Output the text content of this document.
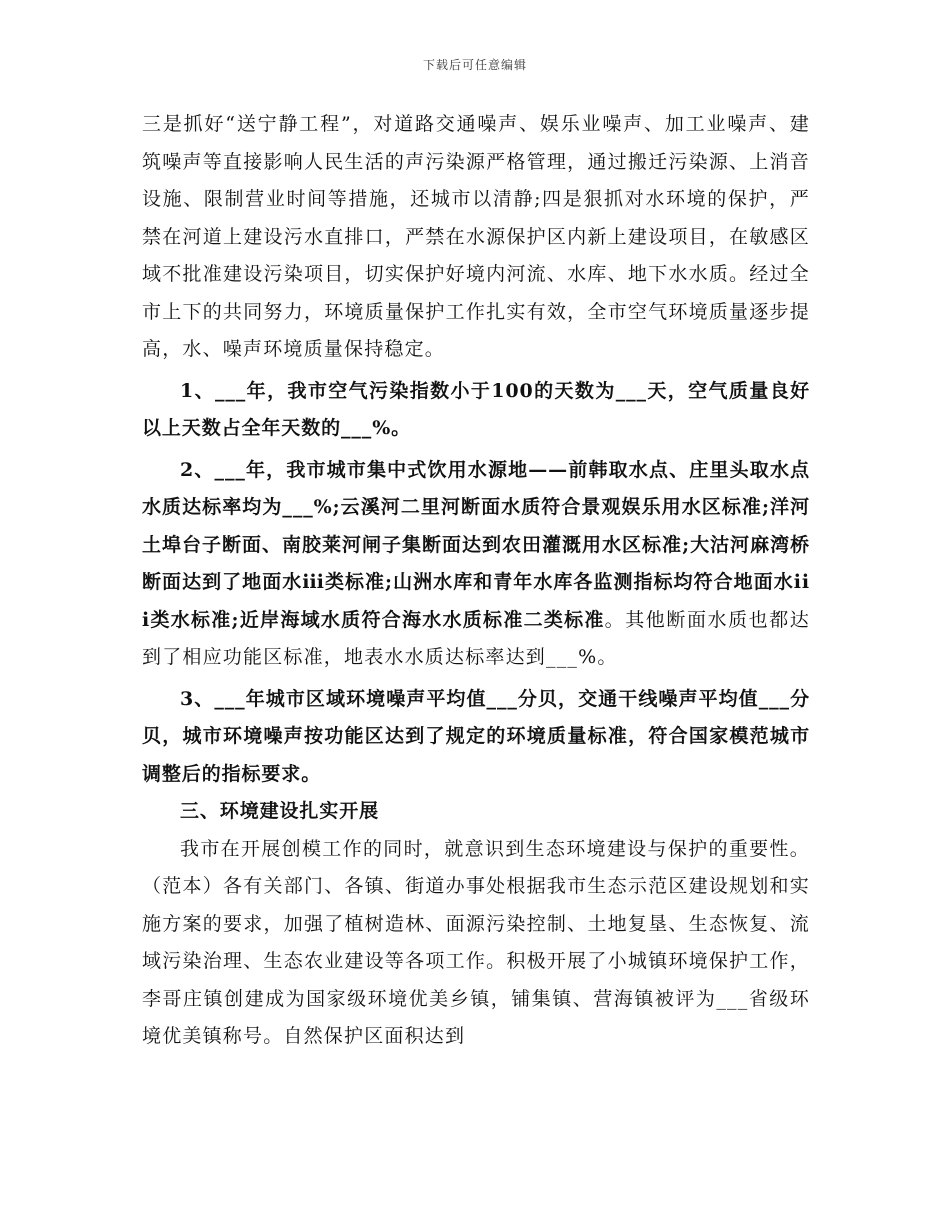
下载后可任意编辑

三是抓好“送宁静工程”，对道路交通噪声、娱乐业噪声、加工业噪声、建筑噪声等直接影响人民生活的声污染源严格管理，通过搬迁污染源、上消音设施、限制营业时间等措施，还城市以清静;四是狠抓对水环境的保护，严禁在河道上建设污水直排口，严禁在水源保护区内新上建设项目，在敏感区域不批准建设污染项目，切实保护好境内河流、水库、地下水水质。经过全市上下的共同努力，环境质量保护工作扎实有效，全市空气环境质量逐步提高，水、噪声环境质量保持稳定。

1、___年，我市空气污染指数小于100的天数为___天，空气质量良好以上天数占全年天数的___%。

2、___年，我市城市集中式饮用水源地——前韩取水点、庄里头取水点水质达标率均为___%;云溪河二里河断面水质符合景观娱乐用水区标准;洋河土埠台子断面、南胶莱河闸子集断面达到农田灌溉用水区标准;大沽河麻湾桥断面达到了地面水ⅲ类标准;山洲水库和青年水库各监测指标均符合地面水iii类水标准;近岸海域水质符合海水水质标准二类标准。其他断面水质也都达到了相应功能区标准，地表水水质达标率达到___%。

3、___年城市区域环境噪声平均值___分贝，交通干线噪声平均值___分贝，城市环境噪声按功能区达到了规定的环境质量标准，符合国家模范城市调整后的指标要求。

三、环境建设扎实开展

我市在开展创模工作的同时，就意识到生态环境建设与保护的重要性。（范本）各有关部门、各镇、街道办事处根据我市生态示范区建设规划和实施方案的要求，加强了植树造林、面源污染控制、土地复垦、生态恢复、流域污染治理、生态农业建设等各项工作。积极开展了小城镇环境保护工作，李哥庄镇创建成为国家级环境优美乡镇，铺集镇、营海镇被评为___省级环境优美镇称号。自然保护区面积达到
